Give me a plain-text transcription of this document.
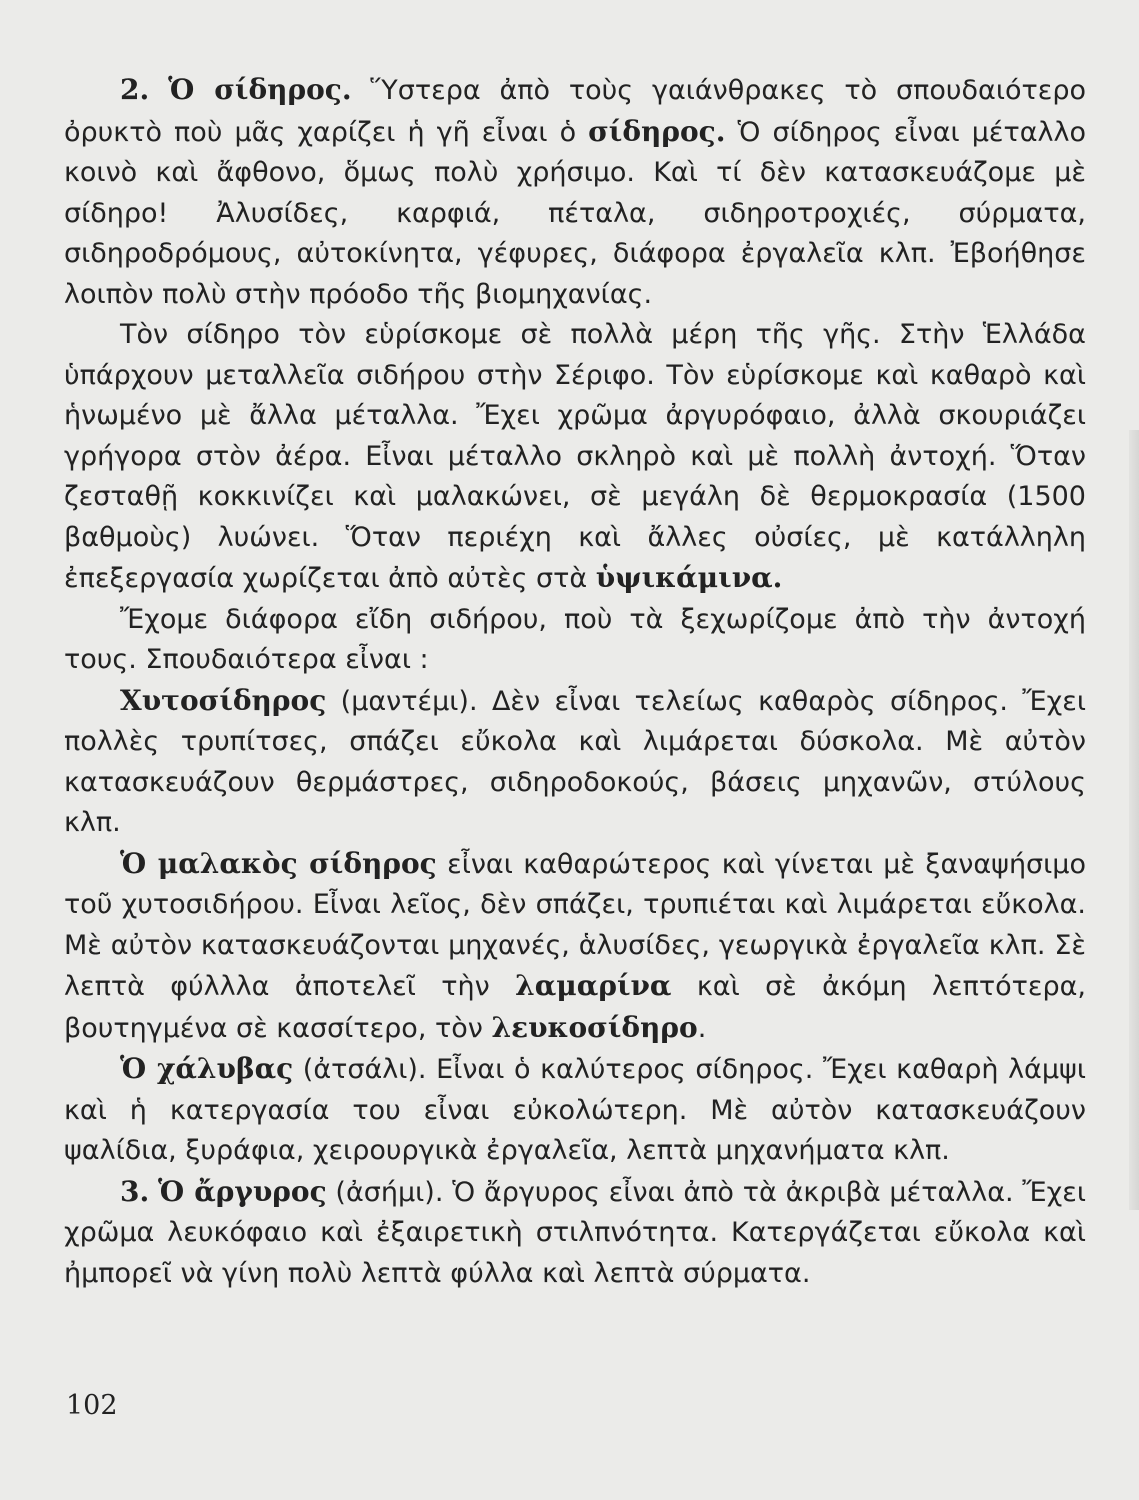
2. Ὁ σίδηρος. Ὕστερα ἀπὸ τοὺς γαιάνθρακες τὸ σπουδαιότερο ὀρυκτὸ ποὺ μᾶς χαρίζει ἡ γῆ εἶναι ὁ σίδηρος. Ὁ σίδηρος εἶναι μέταλλο κοινὸ καὶ ἄφθονο, ὅμως πολὺ χρήσιμο. Καὶ τί δὲν κατασκευάζομε μὲ σίδηρο! Ἀλυσίδες, καρφιά, πέταλα, σιδηροτροχιές, σύρματα, σιδηροδρόμους, αὐτοκίνητα, γέφυρες, διάφορα ἐργαλεῖα κλπ. Ἐβοήθησε λοιπὸν πολὺ στὴν πρόοδο τῆς βιομηχανίας.

Τὸν σίδηρο τὸν εὑρίσκομε σὲ πολλὰ μέρη τῆς γῆς. Στὴν Ἑλλάδα ὑπάρχουν μεταλλεῖα σιδήρου στὴν Σέριφο. Τὸν εὑρίσκομε καὶ καθαρὸ καὶ ἡνωμένο μὲ ἄλλα μέταλλα. Ἔχει χρῶμα ἀργυρόφαιο, ἀλλὰ σκουριάζει γρήγορα στὸν ἀέρα. Εἶναι μέταλλο σκληρὸ καὶ μὲ πολλὴ ἀντοχή. Ὅταν ζεσταθῇ κοκκινίζει καὶ μαλακώνει, σὲ μεγάλη δὲ θερμοκρασία (1500 βαθμοὺς) λυώνει. Ὅταν περιέχη καὶ ἄλλες οὐσίες, μὲ κατάλληλη ἐπεξεργασία χωρίζεται ἀπὸ αὐτὲς στὰ ὑψικάμινα.

Ἔχομε διάφορα εἴδη σιδήρου, ποὺ τὰ ξεχωρίζομε ἀπὸ τὴν ἀντοχή τους. Σπουδαιότερα εἶναι :

Χυτοσίδηρος (μαντέμι). Δὲν εἶναι τελείως καθαρὸς σίδηρος. Ἔχει πολλὲς τρυπίτσες, σπάζει εὔκολα καὶ λιμάρεται δύσκολα. Μὲ αὐτὸν κατασκευάζουν θερμάστρες, σιδηροδοκούς, βάσεις μηχανῶν, στύλους κλπ.

Ὁ μαλακὸς σίδηρος εἶναι καθαρώτερος καὶ γίνεται μὲ ξαναψήσιμο τοῦ χυτοσιδήρου. Εἶναι λεῖος, δὲν σπάζει, τρυπιέται καὶ λιμάρεται εὔκολα. Μὲ αὐτὸν κατασκευάζονται μηχανές, ἁλυσίδες, γεωργικὰ ἐργαλεῖα κλπ. Σὲ λεπτὰ φύλλλα ἀποτελεῖ τὴν λαμαρίνα καὶ σὲ ἀκόμη λεπτότερα, βουτηγμένα σὲ κασσίτερο, τὸν λευκοσίδηρο.

Ὁ χάλυβας (ἀτσάλι). Εἶναι ὁ καλύτερος σίδηρος. Ἔχει καθαρὴ λάμψι καὶ ἡ κατεργασία του εἶναι εὐκολώτερη. Μὲ αὐτὸν κατασκευάζουν ψαλίδια, ξυράφια, χειρουργικὰ ἐργαλεῖα, λεπτὰ μηχανήματα κλπ.

3. Ὁ ἄργυρος (ἀσήμι). Ὁ ἄργυρος εἶναι ἀπὸ τὰ ἀκριβὰ μέταλλα. Ἔχει χρῶμα λευκόφαιο καὶ ἐξαιρετικὴ στιλπνότητα. Κατεργάζεται εὔκολα καὶ ἠμπορεῖ νὰ γίνη πολὺ λεπτὰ φύλλα καὶ λεπτὰ σύρματα.

102
